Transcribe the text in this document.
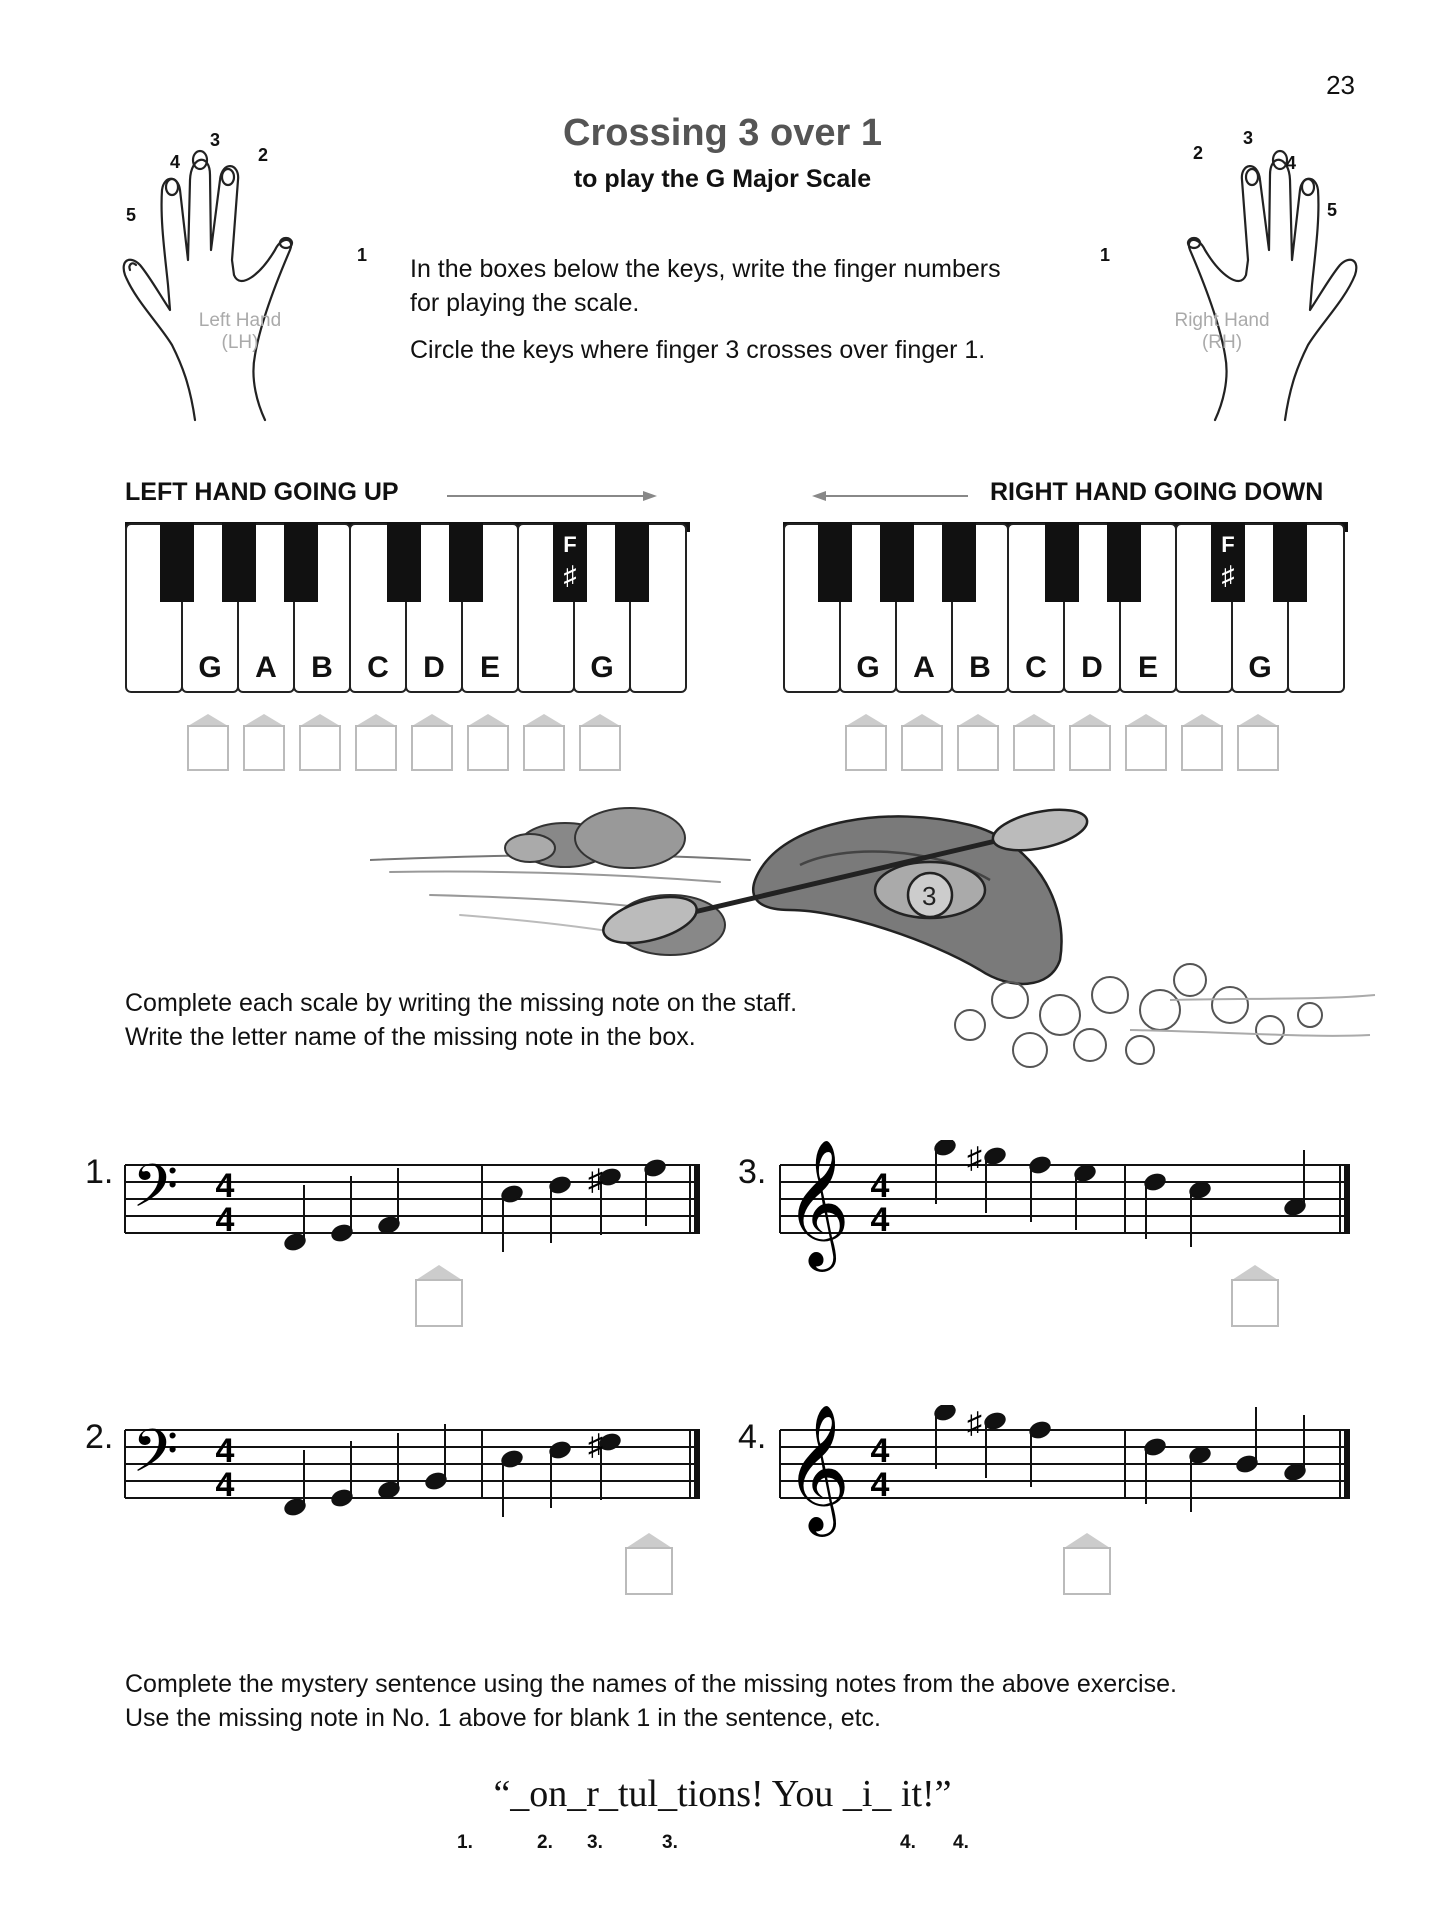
23
Crossing 3 over 1
to play the G Major Scale
3
4	2
5
1
Left Hand
(LH)
3
2	4
5
1
Right Hand
(RH)
In the boxes below the keys, write the finger numbers
for playing the scale.
Circle the keys where finger 3 crosses over finger 1.
LEFT HAND GOING UP	RIGHT HAND GOING DOWN
F
♯
G A B C D E	G
F
♯
G A B C D E	G
3
Complete each scale by writing the missing note on the staff.
Write the letter name of the missing note in the box.
1. 𝄢 4
4
♯
2. 𝄢 4
4
♯
3. 𝄞 4
4
♯
4. 𝄞 4
4
♯
Complete the mystery sentence using the names of the missing notes from the above exercise.
Use the missing note in No. 1 above for blank 1 in the sentence, etc.
“_on_r_tul_tions! You _i_ it!”
1.	2. 3.	3.	4. 4.
